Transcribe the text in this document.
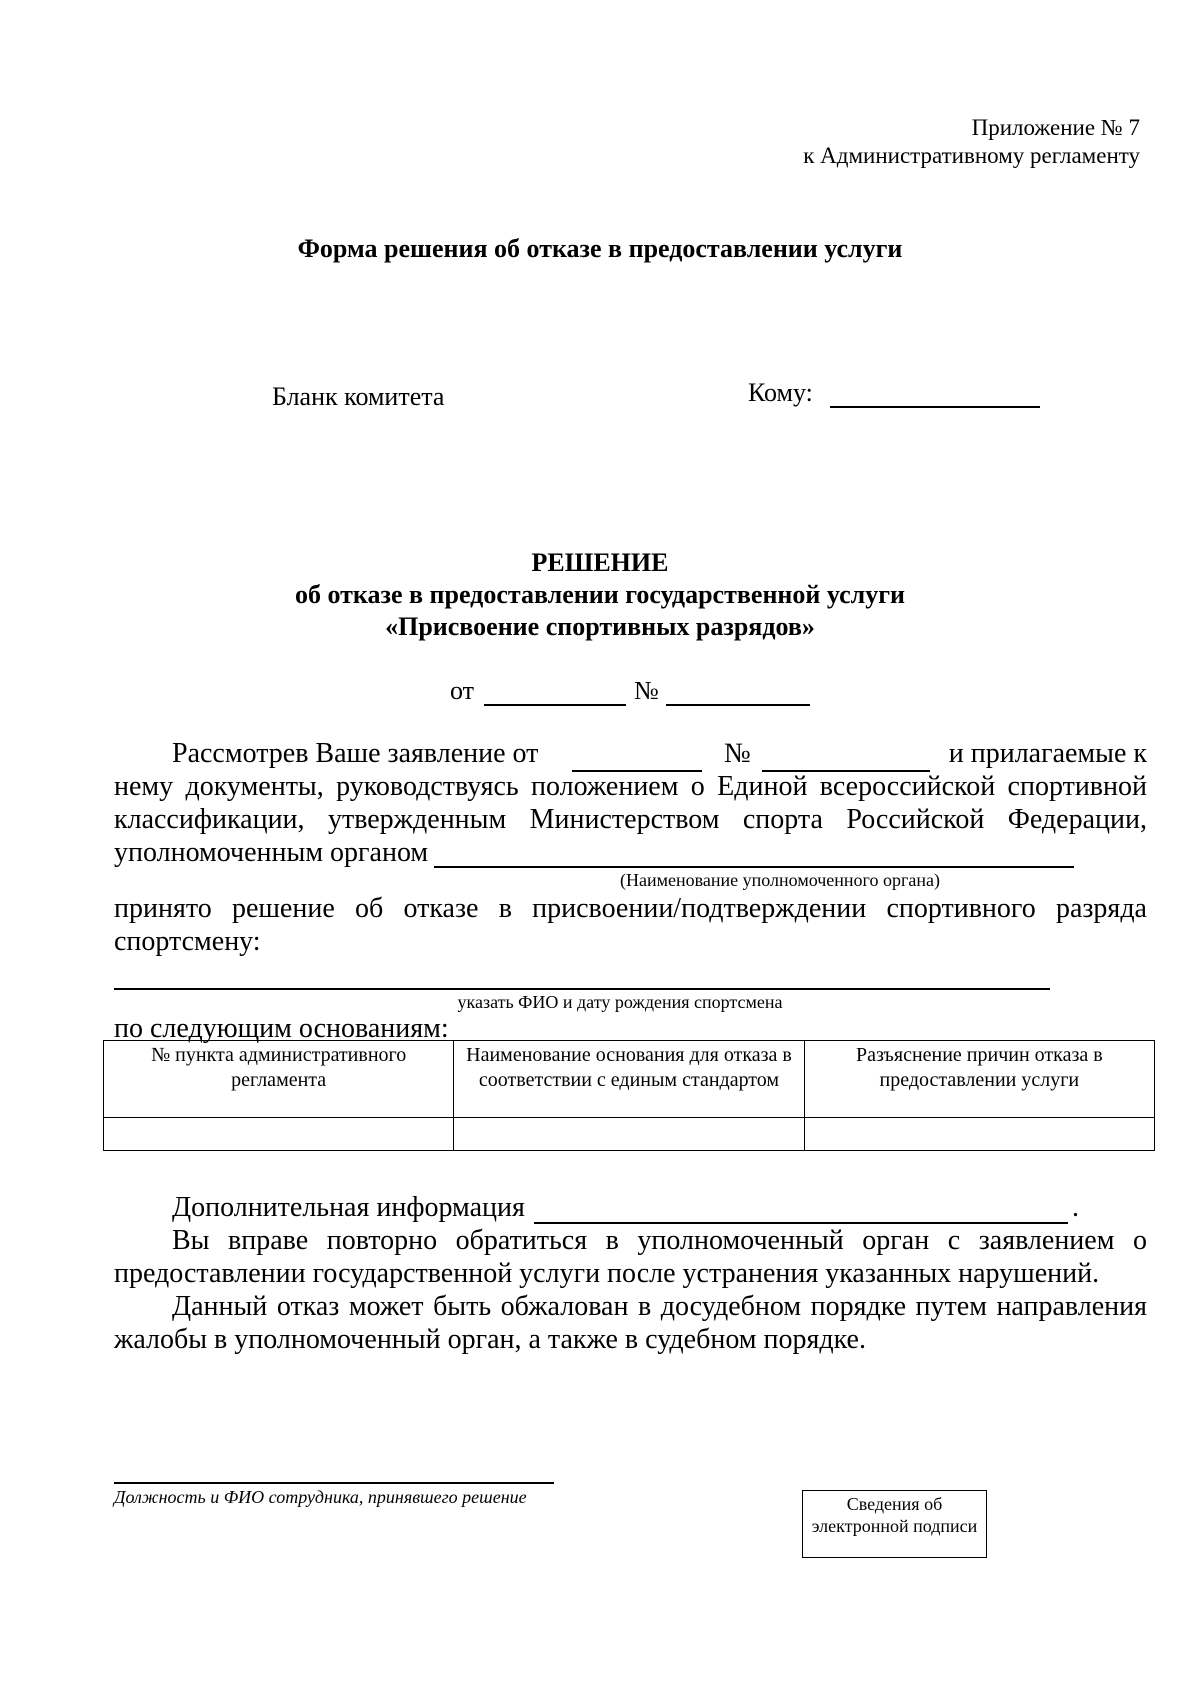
Приложение № 7
к Административному регламенту
Форма решения об отказе в предоставлении услуги
Бланк комитета	Кому:
РЕШЕНИЕ
об отказе в предоставлении государственной услуги
«Присвоение спортивных разрядов»
от	№
Рассмотрев Ваше заявление от	№	и прилагаемые к
нему документы, руководствуясь положением о Единой всероссийской спортивной
классификации, утвержденным Министерством спорта Российской Федерации,
уполномоченным органом
(Наименование уполномоченного органа)
принято решение об отказе в присвоении/подтверждении спортивного разряда
спортсмену:
указать ФИО и дату рождения спортсмена
по следующим основаниям:
№ пункта административного регламента	Наименование основания для отказа в соответствии с единым стандартом	Разъяснение причин отказа в предоставлении услуги

Дополнительная информация	.
Вы вправе повторно обратиться в уполномоченный орган с заявлением о
предоставлении государственной услуги после устранения указанных нарушений.
Данный отказ может быть обжалован в досудебном порядке путем направления
жалобы в уполномоченный орган, а также в судебном порядке.
Должность и ФИО сотрудника, принявшего решение	Сведения об электронной подписи
